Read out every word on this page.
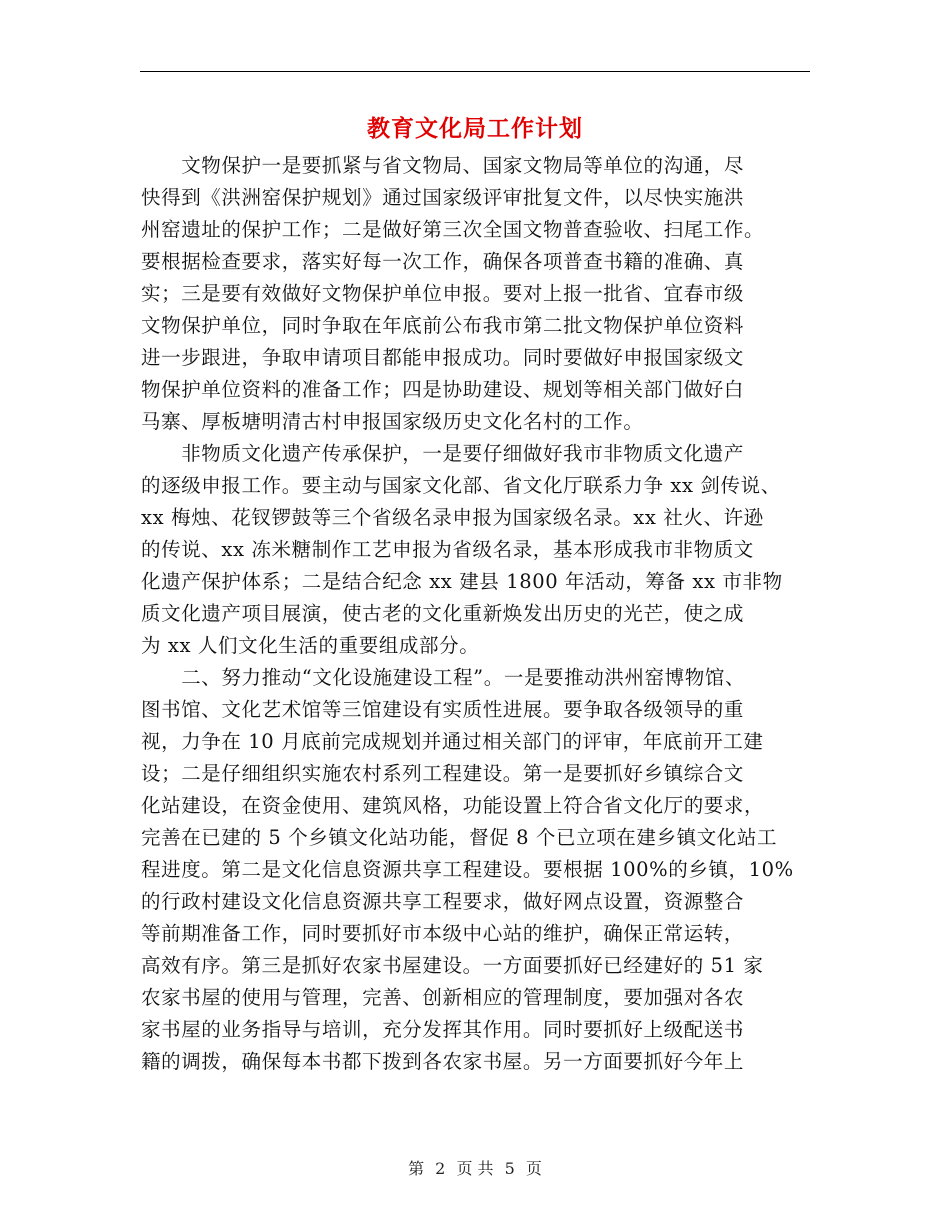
教育文化局工作计划
　　文物保护一是要抓紧与省文物局、国家文物局等单位的沟通，尽
快得到《洪洲窑保护规划》通过国家级评审批复文件，以尽快实施洪
州窑遗址的保护工作；二是做好第三次全国文物普查验收、扫尾工作。
要根据检查要求，落实好每一次工作，确保各项普查书籍的准确、真
实；三是要有效做好文物保护单位申报。要对上报一批省、宜春市级
文物保护单位，同时争取在年底前公布我市第二批文物保护单位资料
进一步跟进，争取申请项目都能申报成功。同时要做好申报国家级文
物保护单位资料的准备工作；四是协助建设、规划等相关部门做好白
马寨、厚板塘明清古村申报国家级历史文化名村的工作。
　　非物质文化遗产传承保护，一是要仔细做好我市非物质文化遗产
的逐级申报工作。要主动与国家文化部、省文化厅联系力争 xx 剑传说、
xx 梅烛、花钗锣鼓等三个省级名录申报为国家级名录。xx 社火、许逊
的传说、xx 冻米糖制作工艺申报为省级名录，基本形成我市非物质文
化遗产保护体系；二是结合纪念 xx 建县 1800 年活动，筹备 xx 市非物
质文化遗产项目展演，使古老的文化重新焕发出历史的光芒，使之成
为 xx 人们文化生活的重要组成部分。
　　二、努力推动“文化设施建设工程”。一是要推动洪州窑博物馆、
图书馆、文化艺术馆等三馆建设有实质性进展。要争取各级领导的重
视，力争在 10 月底前完成规划并通过相关部门的评审，年底前开工建
设；二是仔细组织实施农村系列工程建设。第一是要抓好乡镇综合文
化站建设，在资金使用、建筑风格，功能设置上符合省文化厅的要求，
完善在已建的 5 个乡镇文化站功能，督促 8 个已立项在建乡镇文化站工
程进度。第二是文化信息资源共享工程建设。要根据 100%的乡镇，10%
的行政村建设文化信息资源共享工程要求，做好网点设置，资源整合
等前期准备工作，同时要抓好市本级中心站的维护，确保正常运转，
高效有序。第三是抓好农家书屋建设。一方面要抓好已经建好的 51 家
农家书屋的使用与管理，完善、创新相应的管理制度，要加强对各农
家书屋的业务指导与培训，充分发挥其作用。同时要抓好上级配送书
籍的调拨，确保每本书都下拨到各农家书屋。另一方面要抓好今年上
第 2 页 共 5 页
